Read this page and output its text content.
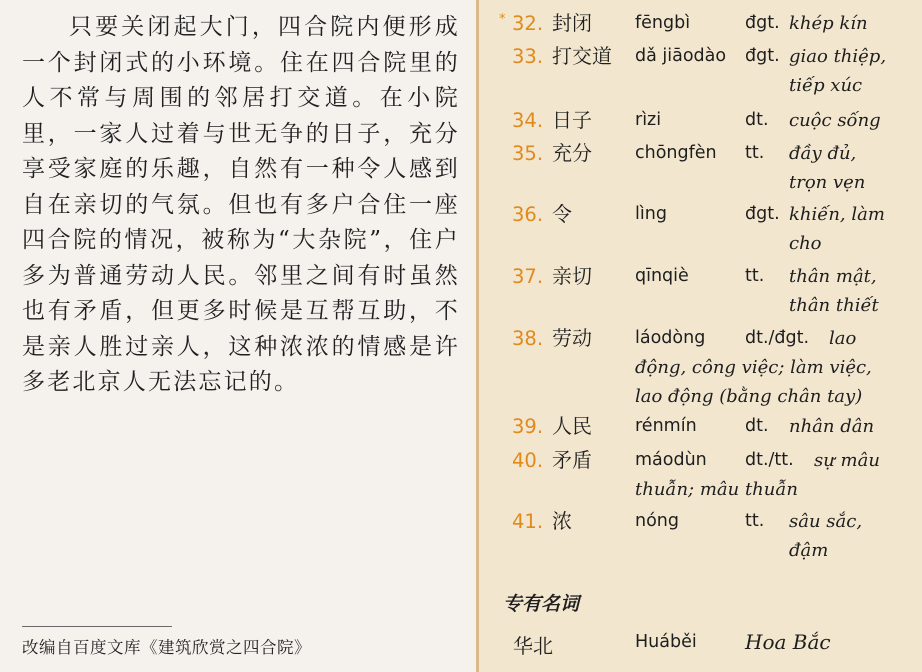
只要关闭起大门，四合院内便形成一个封闭式的小环境。住在四合院里的人不常与周围的邻居打交道。在小院里，一家人过着与世无争的日子，充分享受家庭的乐趣，自然有一种令人感到自在亲切的气氛。但也有多户合住一座四合院的情况，被称为“大杂院”，住户多为普通劳动人民。邻里之间有时虽然也有矛盾，但更多时候是互帮互助，不是亲人胜过亲人，这种浓浓的情感是许多老北京人无法忘记的。
改编自百度文库《建筑欣赏之四合院》
* 32. 封闭 fēngbì	đgt. khép kín
33. 打交道 dǎ jiāodào đgt. giao thiệp,
tiếp xúc
34. 日子 rìzi	dt. cuộc sống
35. 充分 chōngfèn tt. đầy đủ,
trọn vẹn
36. 令	lìng	đgt. khiến, làm
cho
37. 亲切 qīnqiè	tt. thân mật,
thân thiết
38. 劳动 láodòng dt./đgt. lao
động, công việc; làm việc,
lao động (bằng chân tay)
39. 人民 rénmín	dt. nhân dân
40. 矛盾 máodùn dt./tt. sự mâu
thuẫn; mâu thuẫn
41. 浓	nóng	tt. sâu sắc,
đậm
专有名词
华北	Huáběi Hoa Bắc
